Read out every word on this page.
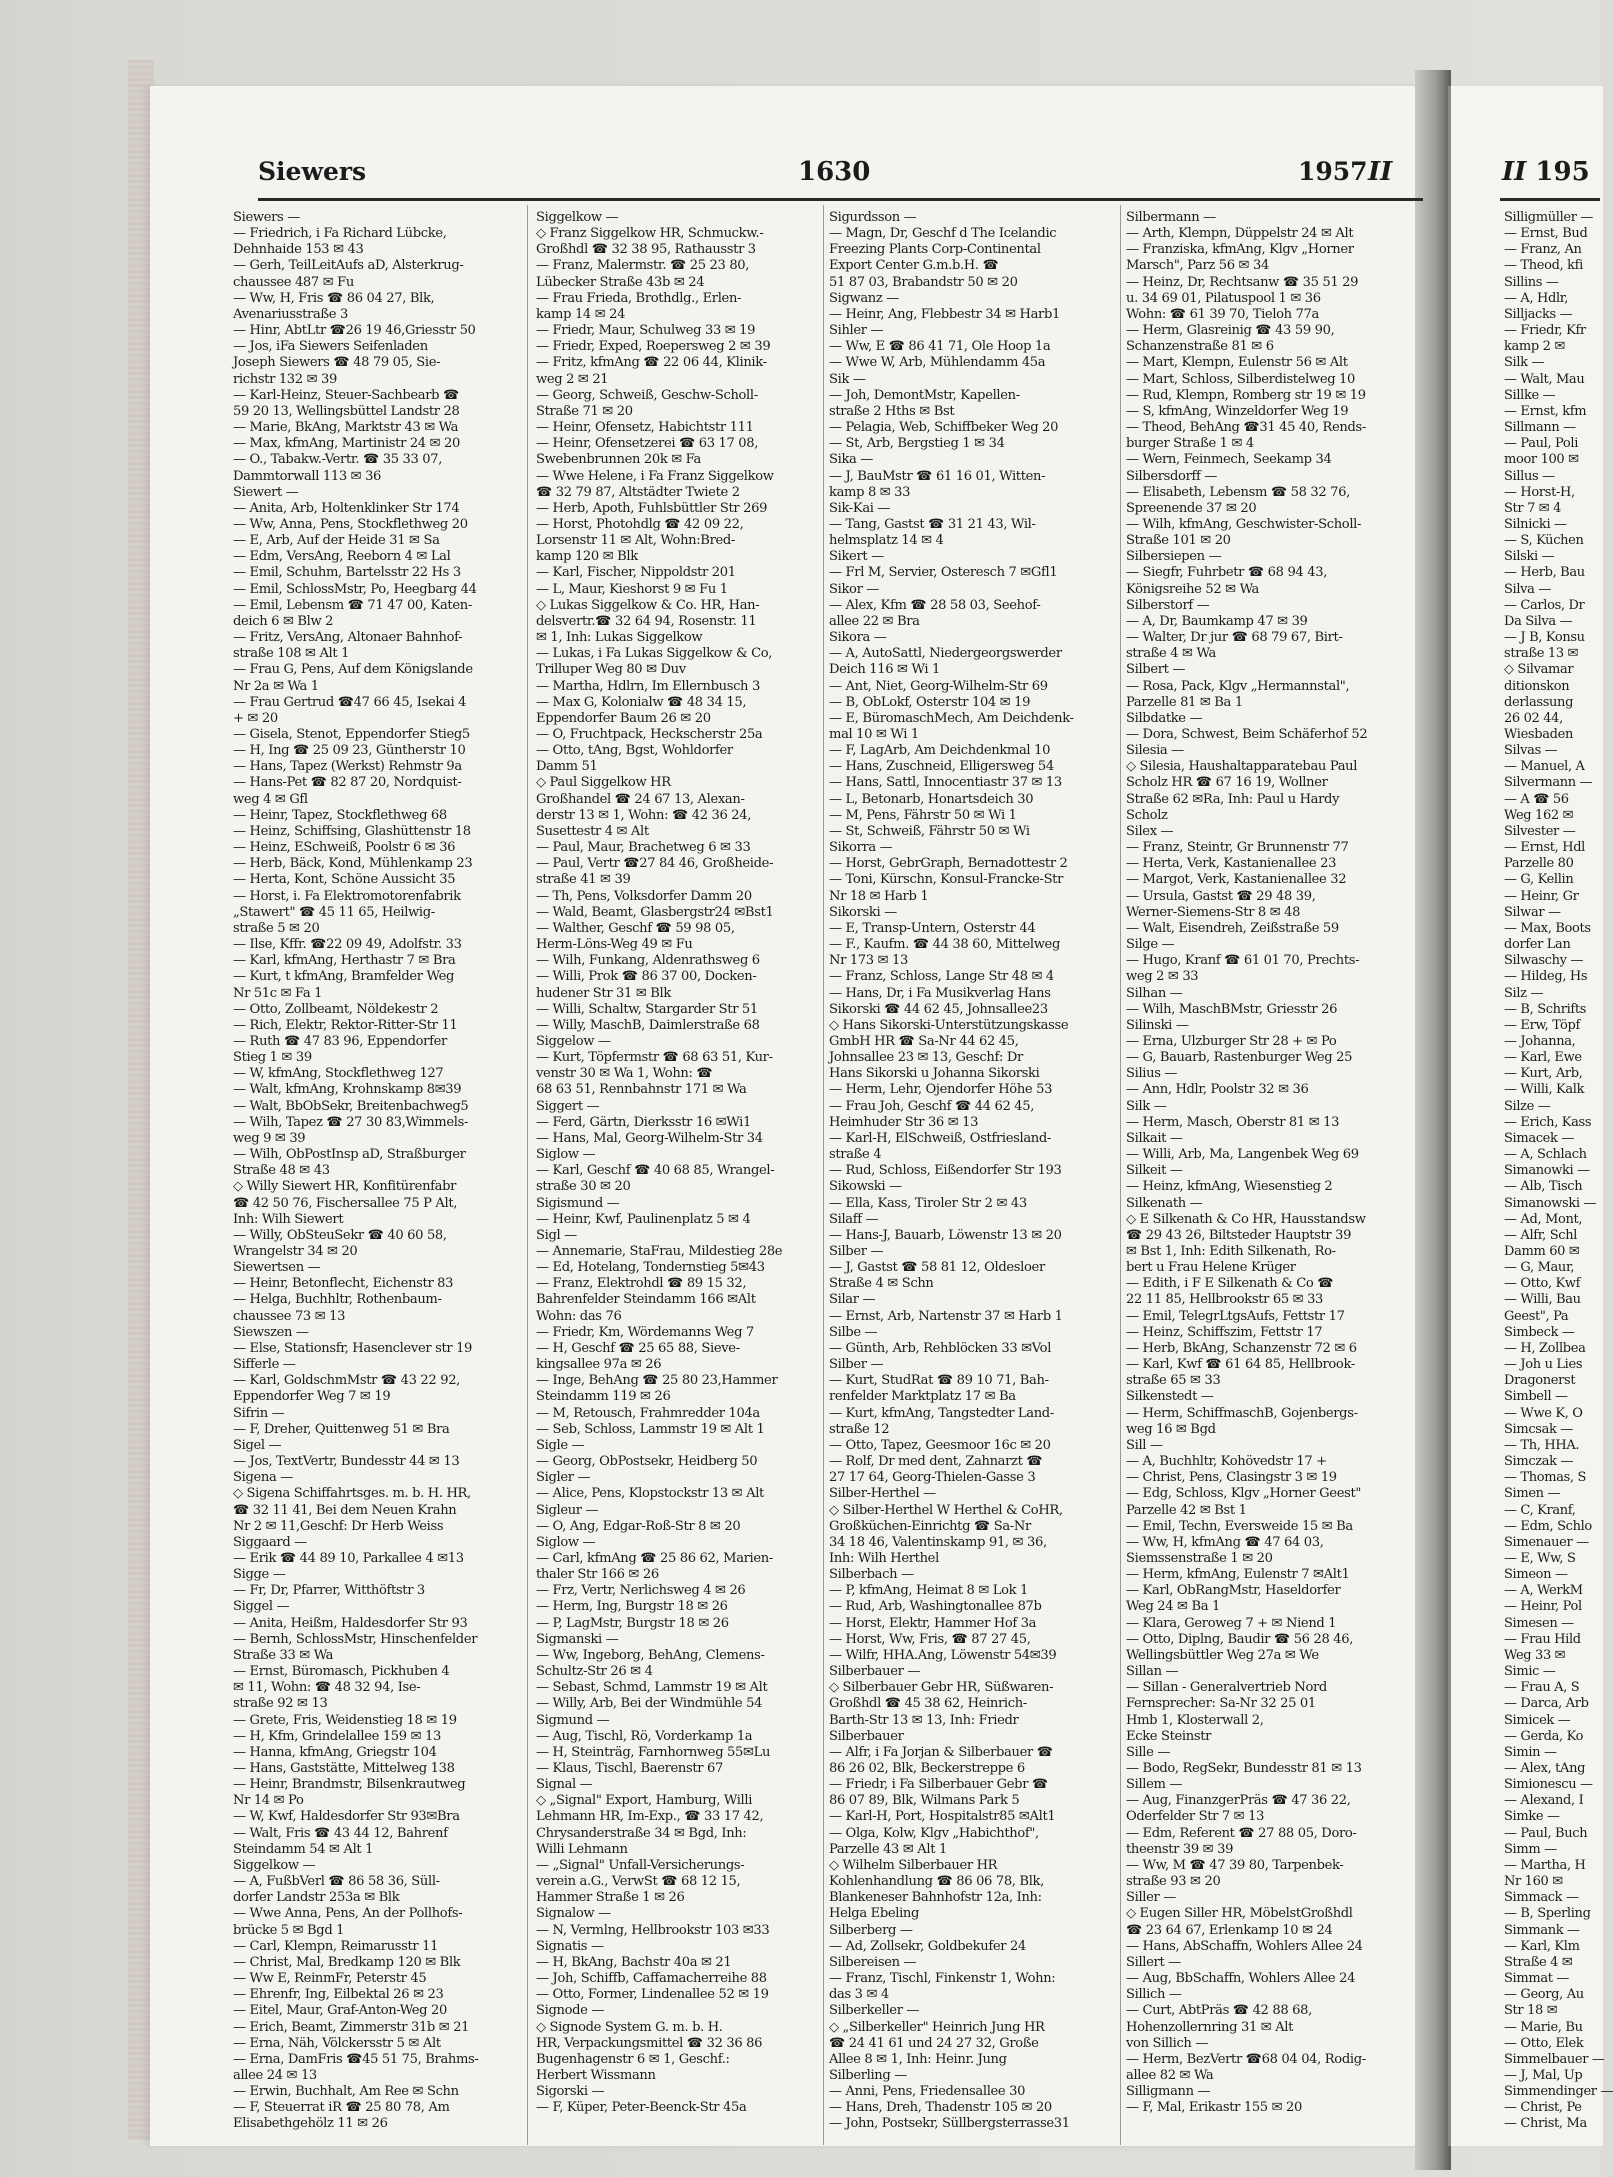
Siewers	1630	1957 II	II 195
Siewers —
— Friedrich, i Fa Richard Lübcke,
Dehnhaide 153 ✉ 43
— Gerh, TeilLeitAufs aD, Alsterkrug-
chaussee 487 ✉ Fu
— Ww, H, Fris ☎ 86 04 27, Blk,
Avenariusstraße 3
— Hinr, AbtLtr ☎26 19 46,Griesstr 50
— Jos, iFa Siewers Seifenladen
Joseph Siewers ☎ 48 79 05, Sie-
richstr 132 ✉ 39
— Karl-Heinz, Steuer-Sachbearb ☎
59 20 13, Wellingsbüttel Landstr 28
— Marie, BkAng, Marktstr 43 ✉ Wa
— Max, kfmAng, Martinistr 24 ✉ 20
— O., Tabakw.-Vertr. ☎ 35 33 07,
Dammtorwall 113 ✉ 36
Siewert —
— Anita, Arb, Holtenklinker Str 174
— Ww, Anna, Pens, Stockflethweg 20
— E, Arb, Auf der Heide 31 ✉ Sa
— Edm, VersAng, Reeborn 4 ✉ Lal
— Emil, Schuhm, Bartelsstr 22 Hs 3
— Emil, SchlossMstr, Po, Heegbarg 44
— Emil, Lebensm ☎ 71 47 00, Katen-
deich 6 ✉ Blw 2
— Fritz, VersAng, Altonaer Bahnhof-
straße 108 ✉ Alt 1
— Frau G, Pens, Auf dem Königslande
Nr 2a ✉ Wa 1
— Frau Gertrud ☎47 66 45, Isekai 4
+ ✉ 20
— Gisela, Stenot, Eppendorfer Stieg5
— H, Ing ☎ 25 09 23, Güntherstr 10
— Hans, Tapez (Werkst) Rehmstr 9a
— Hans-Pet ☎ 82 87 20, Nordquist-
weg 4 ✉ Gfl
— Heinr, Tapez, Stockflethweg 68
— Heinz, Schiffsing, Glashüttenstr 18
— Heinz, ESchweiß, Poolstr 6 ✉ 36
— Herb, Bäck, Kond, Mühlenkamp 23
— Herta, Kont, Schöne Aussicht 35
— Horst, i. Fa Elektromotorenfabrik
„Stawert" ☎ 45 11 65, Heilwig-
straße 5 ✉ 20
— Ilse, Kffr. ☎22 09 49, Adolfstr. 33
— Karl, kfmAng, Herthastr 7 ✉ Bra
— Kurt, t kfmAng, Bramfelder Weg
Nr 51c ✉ Fa 1
— Otto, Zollbeamt, Nöldekestr 2
— Rich, Elektr, Rektor-Ritter-Str 11
— Ruth ☎ 47 83 96, Eppendorfer
Stieg 1 ✉ 39
— W, kfmAng, Stockflethweg 127
— Walt, kfmAng, Krohnskamp 8✉39
— Walt, BbObSekr, Breitenbachweg5
— Wilh, Tapez ☎ 27 30 83,Wimmels-
weg 9 ✉ 39
— Wilh, ObPostInsp aD, Straßburger
Straße 48 ✉ 43
◇ Willy Siewert HR, Konfitürenfabr
☎ 42 50 76, Fischersallee 75 P Alt,
Inh: Wilh Siewert
— Willy, ObSteuSekr ☎ 40 60 58,
Wrangelstr 34 ✉ 20
Siewertsen —
— Heinr, Betonflecht, Eichenstr 83
— Helga, Buchhltr, Rothenbaum-
chaussee 73 ✉ 13
Siewszen —
— Else, Stationsfr, Hasenclever str 19
Sifferle —
— Karl, GoldschmMstr ☎ 43 22 92,
Eppendorfer Weg 7 ✉ 19
Sifrin —
— F, Dreher, Quittenweg 51 ✉ Bra
Sigel —
— Jos, TextVertr, Bundesstr 44 ✉ 13
Sigena —
◇ Sigena Schiffahrtsges. m. b. H. HR,
☎ 32 11 41, Bei dem Neuen Krahn
Nr 2 ✉ 11,Geschf: Dr Herb Weiss
Siggaard —
— Erik ☎ 44 89 10, Parkallee 4 ✉13
Sigge —
— Fr, Dr, Pfarrer, Witthöftstr 3
Siggel —
— Anita, Heißm, Haldesdorfer Str 93
— Bernh, SchlossMstr, Hinschenfelder
Straße 33 ✉ Wa
— Ernst, Büromasch, Pickhuben 4
✉ 11, Wohn: ☎ 48 32 94, Ise-
straße 92 ✉ 13
— Grete, Fris, Weidenstieg 18 ✉ 19
— H, Kfm, Grindelallee 159 ✉ 13
— Hanna, kfmAng, Griegstr 104
— Hans, Gaststätte, Mittelweg 138
— Heinr, Brandmstr, Bilsenkrautweg
Nr 14 ✉ Po
— W, Kwf, Haldesdorfer Str 93✉Bra
— Walt, Fris ☎ 43 44 12, Bahrenf
Steindamm 54 ✉ Alt 1
Siggelkow —
— A, FußbVerl ☎ 86 58 36, Süll-
dorfer Landstr 253a ✉ Blk
— Wwe Anna, Pens, An der Pollhofs-
brücke 5 ✉ Bgd 1
— Carl, Klempn, Reimarusstr 11
— Christ, Mal, Bredkamp 120 ✉ Blk
— Ww E, ReinmFr, Peterstr 45
— Ehrenfr, Ing, Eilbektal 26 ✉ 23
— Eitel, Maur, Graf-Anton-Weg 20
— Erich, Beamt, Zimmerstr 31b ✉ 21
— Erna, Näh, Völckersstr 5 ✉ Alt
— Erna, DamFris ☎45 51 75, Brahms-
allee 24 ✉ 13
— Erwin, Buchhalt, Am Ree ✉ Schn
— F, Steuerrat iR ☎ 25 80 78, Am
Elisabethgehölz 11 ✉ 26
Siggelkow —
◇ Franz Siggelkow HR, Schmuckw.-
Großhdl ☎ 32 38 95, Rathausstr 3
— Franz, Malermstr. ☎ 25 23 80,
Lübecker Straße 43b ✉ 24
— Frau Frieda, Brothdlg., Erlen-
kamp 14 ✉ 24
— Friedr, Maur, Schulweg 33 ✉ 19
— Friedr, Exped, Roepersweg 2 ✉ 39
— Fritz, kfmAng ☎ 22 06 44, Klinik-
weg 2 ✉ 21
— Georg, Schweiß, Geschw-Scholl-
Straße 71 ✉ 20
— Heinr, Ofensetz, Habichtstr 111
— Heinr, Ofensetzerei ☎ 63 17 08,
Swebenbrunnen 20k ✉ Fa
— Wwe Helene, i Fa Franz Siggelkow
☎ 32 79 87, Altstädter Twiete 2
— Herb, Apoth, Fuhlsbüttler Str 269
— Horst, Photohdlg ☎ 42 09 22,
Lorsenstr 11 ✉ Alt, Wohn:Bred-
kamp 120 ✉ Blk
— Karl, Fischer, Nippoldstr 201
— L, Maur, Kieshorst 9 ✉ Fu 1
◇ Lukas Siggelkow & Co. HR, Han-
delsvertr.☎ 32 64 94, Rosenstr. 11
✉ 1, Inh: Lukas Siggelkow
— Lukas, i Fa Lukas Siggelkow & Co,
Trilluper Weg 80 ✉ Duv
— Martha, Hdlrn, Im Ellernbusch 3
— Max G, Kolonialw ☎ 48 34 15,
Eppendorfer Baum 26 ✉ 20
— O, Fruchtpack, Heckscherstr 25a
— Otto, tAng, Bgst, Wohldorfer
Damm 51
◇ Paul Siggelkow HR
Großhandel ☎ 24 67 13, Alexan-
derstr 13 ✉ 1, Wohn: ☎ 42 36 24,
Susettestr 4 ✉ Alt
— Paul, Maur, Brachetweg 6 ✉ 33
— Paul, Vertr ☎27 84 46, Großheide-
straße 41 ✉ 39
— Th, Pens, Volksdorfer Damm 20
— Wald, Beamt, Glasbergstr24 ✉Bst1
— Walther, Geschf ☎ 59 98 05,
Herm-Löns-Weg 49 ✉ Fu
— Wilh, Funkang, Aldenrathsweg 6
— Willi, Prok ☎ 86 37 00, Docken-
hudener Str 31 ✉ Blk
— Willi, Schaltw, Stargarder Str 51
— Willy, MaschB, Daimlerstraße 68
Siggelow —
— Kurt, Töpfermstr ☎ 68 63 51, Kur-
venstr 30 ✉ Wa 1, Wohn: ☎
68 63 51, Rennbahnstr 171 ✉ Wa
Siggert —
— Ferd, Gärtn, Dierksstr 16 ✉Wi1
— Hans, Mal, Georg-Wilhelm-Str 34
Siglow —
— Karl, Geschf ☎ 40 68 85, Wrangel-
straße 30 ✉ 20
Sigismund —
— Heinr, Kwf, Paulinenplatz 5 ✉ 4
Sigl —
— Annemarie, StaFrau, Mildestieg 28e
— Ed, Hotelang, Tondernstieg 5✉43
— Franz, Elektrohdl ☎ 89 15 32,
Bahrenfelder Steindamm 166 ✉Alt
Wohn: das 76
— Friedr, Km, Wördemanns Weg 7
— H, Geschf ☎ 25 65 88, Sieve-
kingsallee 97a ✉ 26
— Inge, BehAng ☎ 25 80 23,Hammer
Steindamm 119 ✉ 26
— M, Retousch, Frahmredder 104a
— Seb, Schloss, Lammstr 19 ✉ Alt 1
Sigle —
— Georg, ObPostsekr, Heidberg 50
Sigler —
— Alice, Pens, Klopstockstr 13 ✉ Alt
Sigleur —
— O, Ang, Edgar-Roß-Str 8 ✉ 20
Siglow —
— Carl, kfmAng ☎ 25 86 62, Marien-
thaler Str 166 ✉ 26
— Frz, Vertr, Nerlichsweg 4 ✉ 26
— Herm, Ing, Burgstr 18 ✉ 26
— P, LagMstr, Burgstr 18 ✉ 26
Sigmanski —
— Ww, Ingeborg, BehAng, Clemens-
Schultz-Str 26 ✉ 4
— Sebast, Schmd, Lammstr 19 ✉ Alt
— Willy, Arb, Bei der Windmühle 54
Sigmund —
— Aug, Tischl, Rö, Vorderkamp 1a
— H, Steinträg, Farnhornweg 55✉Lu
— Klaus, Tischl, Baerenstr 67
Signal —
◇ „Signal" Export, Hamburg, Willi
Lehmann HR, Im-Exp., ☎ 33 17 42,
Chrysanderstraße 34 ✉ Bgd, Inh:
Willi Lehmann
— „Signal" Unfall-Versicherungs-
verein a.G., VerwSt ☎ 68 12 15,
Hammer Straße 1 ✉ 26
Signalow —
— N, Vermlng, Hellbrookstr 103 ✉33
Signatis —
— H, BkAng, Bachstr 40a ✉ 21
— Joh, Schiffb, Caffamacherreihe 88
— Otto, Former, Lindenallee 52 ✉ 19
Signode —
◇ Signode System G. m. b. H.
HR, Verpackungsmittel ☎ 32 36 86
Bugenhagenstr 6 ✉ 1, Geschf.:
Herbert Wissmann
Sigorski —
— F, Küper, Peter-Beenck-Str 45a
Sigurdsson —
— Magn, Dr, Geschf d The Icelandic
Freezing Plants Corp-Continental
Export Center G.m.b.H. ☎
51 87 03, Brabandstr 50 ✉ 20
Sigwanz —
— Heinr, Ang, Flebbestr 34 ✉ Harb1
Sihler —
— Ww, E ☎ 86 41 71, Ole Hoop 1a
— Wwe W, Arb, Mühlendamm 45a
Sik —
— Joh, DemontMstr, Kapellen-
straße 2 Hths ✉ Bst
— Pelagia, Web, Schiffbeker Weg 20
— St, Arb, Bergstieg 1 ✉ 34
Sika —
— J, BauMstr ☎ 61 16 01, Witten-
kamp 8 ✉ 33
Sik-Kai —
— Tang, Gastst ☎ 31 21 43, Wil-
helmsplatz 14 ✉ 4
Sikert —
— Frl M, Servier, Osteresch 7 ✉Gfl1
Sikor —
— Alex, Kfm ☎ 28 58 03, Seehof-
allee 22 ✉ Bra
Sikora —
— A, AutoSattl, Niedergeorgswerder
Deich 116 ✉ Wi 1
— Ant, Niet, Georg-Wilhelm-Str 69
— B, ObLokf, Osterstr 104 ✉ 19
— E, BüromaschMech, Am Deichdenk-
mal 10 ✉ Wi 1
— F, LagArb, Am Deichdenkmal 10
— Hans, Zuschneid, Elligersweg 54
— Hans, Sattl, Innocentiastr 37 ✉ 13
— L, Betonarb, Honartsdeich 30
— M, Pens, Fährstr 50 ✉ Wi 1
— St, Schweiß, Fährstr 50 ✉ Wi
Sikorra —
— Horst, GebrGraph, Bernadottestr 2
— Toni, Kürschn, Konsul-Francke-Str
Nr 18 ✉ Harb 1
Sikorski —
— E, Transp-Untern, Osterstr 44
— F., Kaufm. ☎ 44 38 60, Mittelweg
Nr 173 ✉ 13
— Franz, Schloss, Lange Str 48 ✉ 4
— Hans, Dr, i Fa Musikverlag Hans
Sikorski ☎ 44 62 45, Johnsallee23
◇ Hans Sikorski-Unterstützungskasse
GmbH HR ☎ Sa-Nr 44 62 45,
Johnsallee 23 ✉ 13, Geschf: Dr
Hans Sikorski u Johanna Sikorski
— Herm, Lehr, Ojendorfer Höhe 53
— Frau Joh, Geschf ☎ 44 62 45,
Heimhuder Str 36 ✉ 13
— Karl-H, ElSchweiß, Ostfriesland-
straße 4
— Rud, Schloss, Eißendorfer Str 193
Sikowski —
— Ella, Kass, Tiroler Str 2 ✉ 43
Silaff —
— Hans-J, Bauarb, Löwenstr 13 ✉ 20
Silber —
— J, Gastst ☎ 58 81 12, Oldesloer
Straße 4 ✉ Schn
Silar —
— Ernst, Arb, Nartenstr 37 ✉ Harb 1
Silbe —
— Günth, Arb, Rehblöcken 33 ✉Vol
Silber —
— Kurt, StudRat ☎ 89 10 71, Bah-
renfelder Marktplatz 17 ✉ Ba
— Kurt, kfmAng, Tangstedter Land-
straße 12
— Otto, Tapez, Geesmoor 16c ✉ 20
— Rolf, Dr med dent, Zahnarzt ☎
27 17 64, Georg-Thielen-Gasse 3
Silber-Herthel —
◇ Silber-Herthel W Herthel & CoHR,
Großküchen-Einrichtg ☎ Sa-Nr
34 18 46, Valentinskamp 91, ✉ 36,
Inh: Wilh Herthel
Silberbach —
— P, kfmAng, Heimat 8 ✉ Lok 1
— Rud, Arb, Washingtonallee 87b
— Horst, Elektr, Hammer Hof 3a
— Horst, Ww, Fris, ☎ 87 27 45,
— Wilfr, HHA.Ang, Löwenstr 54✉39
Silberbauer —
◇ Silberbauer Gebr HR, Süßwaren-
Großhdl ☎ 45 38 62, Heinrich-
Barth-Str 13 ✉ 13, Inh: Friedr
Silberbauer
— Alfr, i Fa Jorjan & Silberbauer ☎
86 26 02, Blk, Beckerstreppe 6
— Friedr, i Fa Silberbauer Gebr ☎
86 07 89, Blk, Wilmans Park 5
— Karl-H, Port, Hospitalstr85 ✉Alt1
— Olga, Kolw, Klgv „Habichthof",
Parzelle 43 ✉ Alt 1
◇ Wilhelm Silberbauer HR
Kohlenhandlung ☎ 86 06 78, Blk,
Blankeneser Bahnhofstr 12a, Inh:
Helga Ebeling
Silberberg —
— Ad, Zollsekr, Goldbekufer 24
Silbereisen —
— Franz, Tischl, Finkenstr 1, Wohn:
das 3 ✉ 4
Silberkeller —
◇ „Silberkeller" Heinrich Jung HR
☎ 24 41 61 und 24 27 32, Große
Allee 8 ✉ 1, Inh: Heinr. Jung
Silberling —
— Anni, Pens, Friedensallee 30
— Hans, Dreh, Thadenstr 105 ✉ 20
— John, Postsekr, Süllbergsterrasse31
Silbermann —
— Arth, Klempn, Düppelstr 24 ✉ Alt
— Franziska, kfmAng, Klgv „Horner
Marsch", Parz 56 ✉ 34
— Heinz, Dr, Rechtsanw ☎ 35 51 29
u. 34 69 01, Pilatuspool 1 ✉ 36
Wohn: ☎ 61 39 70, Tieloh 77a
— Herm, Glasreinig ☎ 43 59 90,
Schanzenstraße 81 ✉ 6
— Mart, Klempn, Eulenstr 56 ✉ Alt
— Mart, Schloss, Silberdistelweg 10
— Rud, Klempn, Romberg str 19 ✉ 19
— S, kfmAng, Winzeldorfer Weg 19
— Theod, BehAng ☎31 45 40, Rends-
burger Straße 1 ✉ 4
— Wern, Feinmech, Seekamp 34
Silbersdorff —
— Elisabeth, Lebensm ☎ 58 32 76,
Spreenende 37 ✉ 20
— Wilh, kfmAng, Geschwister-Scholl-
Straße 101 ✉ 20
Silbersiepen —
— Siegfr, Fuhrbetr ☎ 68 94 43,
Königsreihe 52 ✉ Wa
Silberstorf —
— A, Dr, Baumkamp 47 ✉ 39
— Walter, Dr jur ☎ 68 79 67, Birt-
straße 4 ✉ Wa
Silbert —
— Rosa, Pack, Klgv „Hermannstal",
Parzelle 81 ✉ Ba 1
Silbdatke —
— Dora, Schwest, Beim Schäferhof 52
Silesia —
◇ Silesia, Haushaltapparatebau Paul
Scholz HR ☎ 67 16 19, Wollner
Straße 62 ✉Ra, Inh: Paul u Hardy
Scholz
Silex —
— Franz, Steintr, Gr Brunnenstr 77
— Herta, Verk, Kastanienallee 23
— Margot, Verk, Kastanienallee 32
— Ursula, Gastst ☎ 29 48 39,
Werner-Siemens-Str 8 ✉ 48
— Walt, Eisendreh, Zeißstraße 59
Silge —
— Hugo, Kranf ☎ 61 01 70, Prechts-
weg 2 ✉ 33
Silhan —
— Wilh, MaschBMstr, Griesstr 26
Silinski —
— Erna, Ulzburger Str 28 + ✉ Po
— G, Bauarb, Rastenburger Weg 25
Silius —
— Ann, Hdlr, Poolstr 32 ✉ 36
Silk —
— Herm, Masch, Oberstr 81 ✉ 13
Silkait —
— Willi, Arb, Ma, Langenbek Weg 69
Silkeit —
— Heinz, kfmAng, Wiesenstieg 2
Silkenath —
◇ E Silkenath & Co HR, Hausstandsw
☎ 29 43 26, Biltsteder Hauptstr 39
✉ Bst 1, Inh: Edith Silkenath, Ro-
bert u Frau Helene Krüger
— Edith, i F E Silkenath & Co ☎
22 11 85, Hellbrookstr 65 ✉ 33
— Emil, TelegrLtgsAufs, Fettstr 17
— Heinz, Schiffszim, Fettstr 17
— Herb, BkAng, Schanzenstr 72 ✉ 6
— Karl, Kwf ☎ 61 64 85, Hellbrook-
straße 65 ✉ 33
Silkenstedt —
— Herm, SchiffmaschB, Gojenbergs-
weg 16 ✉ Bgd
Sill —
— A, Buchhltr, Kohövedstr 17 +
— Christ, Pens, Clasingstr 3 ✉ 19
— Edg, Schloss, Klgv „Horner Geest"
Parzelle 42 ✉ Bst 1
— Emil, Techn, Eversweide 15 ✉ Ba
— Ww, H, kfmAng ☎ 47 64 03,
Siemssenstraße 1 ✉ 20
— Herm, kfmAng, Eulenstr 7 ✉Alt1
— Karl, ObRangMstr, Haseldorfer
Weg 24 ✉ Ba 1
— Klara, Geroweg 7 + ✉ Niend 1
— Otto, Diplng, Baudir ☎ 56 28 46,
Wellingsbüttler Weg 27a ✉ We
Sillan —
— Sillan - Generalvertrieb Nord
Fernsprecher: Sa-Nr 32 25 01
Hmb 1, Klosterwall 2,
Ecke Steinstr
Sille —
— Bodo, RegSekr, Bundesstr 81 ✉ 13
Sillem —
— Aug, FinanzgerPräs ☎ 47 36 22,
Oderfelder Str 7 ✉ 13
— Edm, Referent ☎ 27 88 05, Doro-
theenstr 39 ✉ 39
— Ww, M ☎ 47 39 80, Tarpenbek-
straße 93 ✉ 20
Siller —
◇ Eugen Siller HR, MöbelstGroßhdl
☎ 23 64 67, Erlenkamp 10 ✉ 24
— Hans, AbSchaffn, Wohlers Allee 24
Sillert —
— Aug, BbSchaffn, Wohlers Allee 24
Sillich —
— Curt, AbtPräs ☎ 42 88 68,
Hohenzollernring 31 ✉ Alt
von Sillich —
— Herm, BezVertr ☎68 04 04, Rodig-
allee 82 ✉ Wa
Silligmann —
— F, Mal, Erikastr 155 ✉ 20
Silligmüller —
— Ernst, Bud
— Franz, An
— Theod, kfi
Sillins —
— A, Hdlr,
Silljacks —
— Friedr, Kfr
kamp 2 ✉
Silk —
— Walt, Mau
Sillke —
— Ernst, kfm
Sillmann —
— Paul, Poli
moor 100 ✉
Sillus —
— Horst-H,
Str 7 ✉ 4
Silnicki —
— S, Küchen
Silski —
— Herb, Bau
Silva —
— Carlos, Dr
Da Silva —
— J B, Konsu
straße 13 ✉
◇ Silvamar
ditionskon
derlassung
26 02 44,
Wiesbaden
Silvas —
— Manuel, A
Silvermann —
— A ☎ 56
Weg 162 ✉
Silvester —
— Ernst, Hdl
Parzelle 80
— G, Kellin
— Heinr, Gr
Silwar —
— Max, Boots
dorfer Lan
Silwaschy —
— Hildeg, Hs
Silz —
— B, Schrifts
— Erw, Töpf
— Johanna,
— Karl, Ewe
— Kurt, Arb,
— Willi, Kalk
Silze —
— Erich, Kass
Simacek —
— A, Schlach
Simanowki —
— Alb, Tisch
Simanowski —
— Ad, Mont,
— Alfr, Schl
Damm 60 ✉
— G, Maur,
— Otto, Kwf
— Willi, Bau
Geest", Pa
Simbeck —
— H, Zollbea
— Joh u Lies
Dragonerst
Simbell —
— Wwe K, O
Simcsak —
— Th, HHA.
Simczak —
— Thomas, S
Simen —
— C, Kranf,
— Edm, Schlo
Simenauer —
— E, Ww, S
Simeon —
— A, WerkM
— Heinr, Pol
Simesen —
— Frau Hild
Weg 33 ✉
Simic —
— Frau A, S
— Darca, Arb
Simicek —
— Gerda, Ko
Simin —
— Alex, tAng
Simionescu —
— Alexand, I
Simke —
— Paul, Buch
Simm —
— Martha, H
Nr 160 ✉
Simmack —
— B, Sperling
Simmank —
— Karl, Klm
Straße 4 ✉
Simmat —
— Georg, Au
Str 18 ✉
— Marie, Bu
— Otto, Elek
Simmelbauer —
— J, Mal, Up
Simmendinger —
— Christ, Pe
— Christ, Ma
